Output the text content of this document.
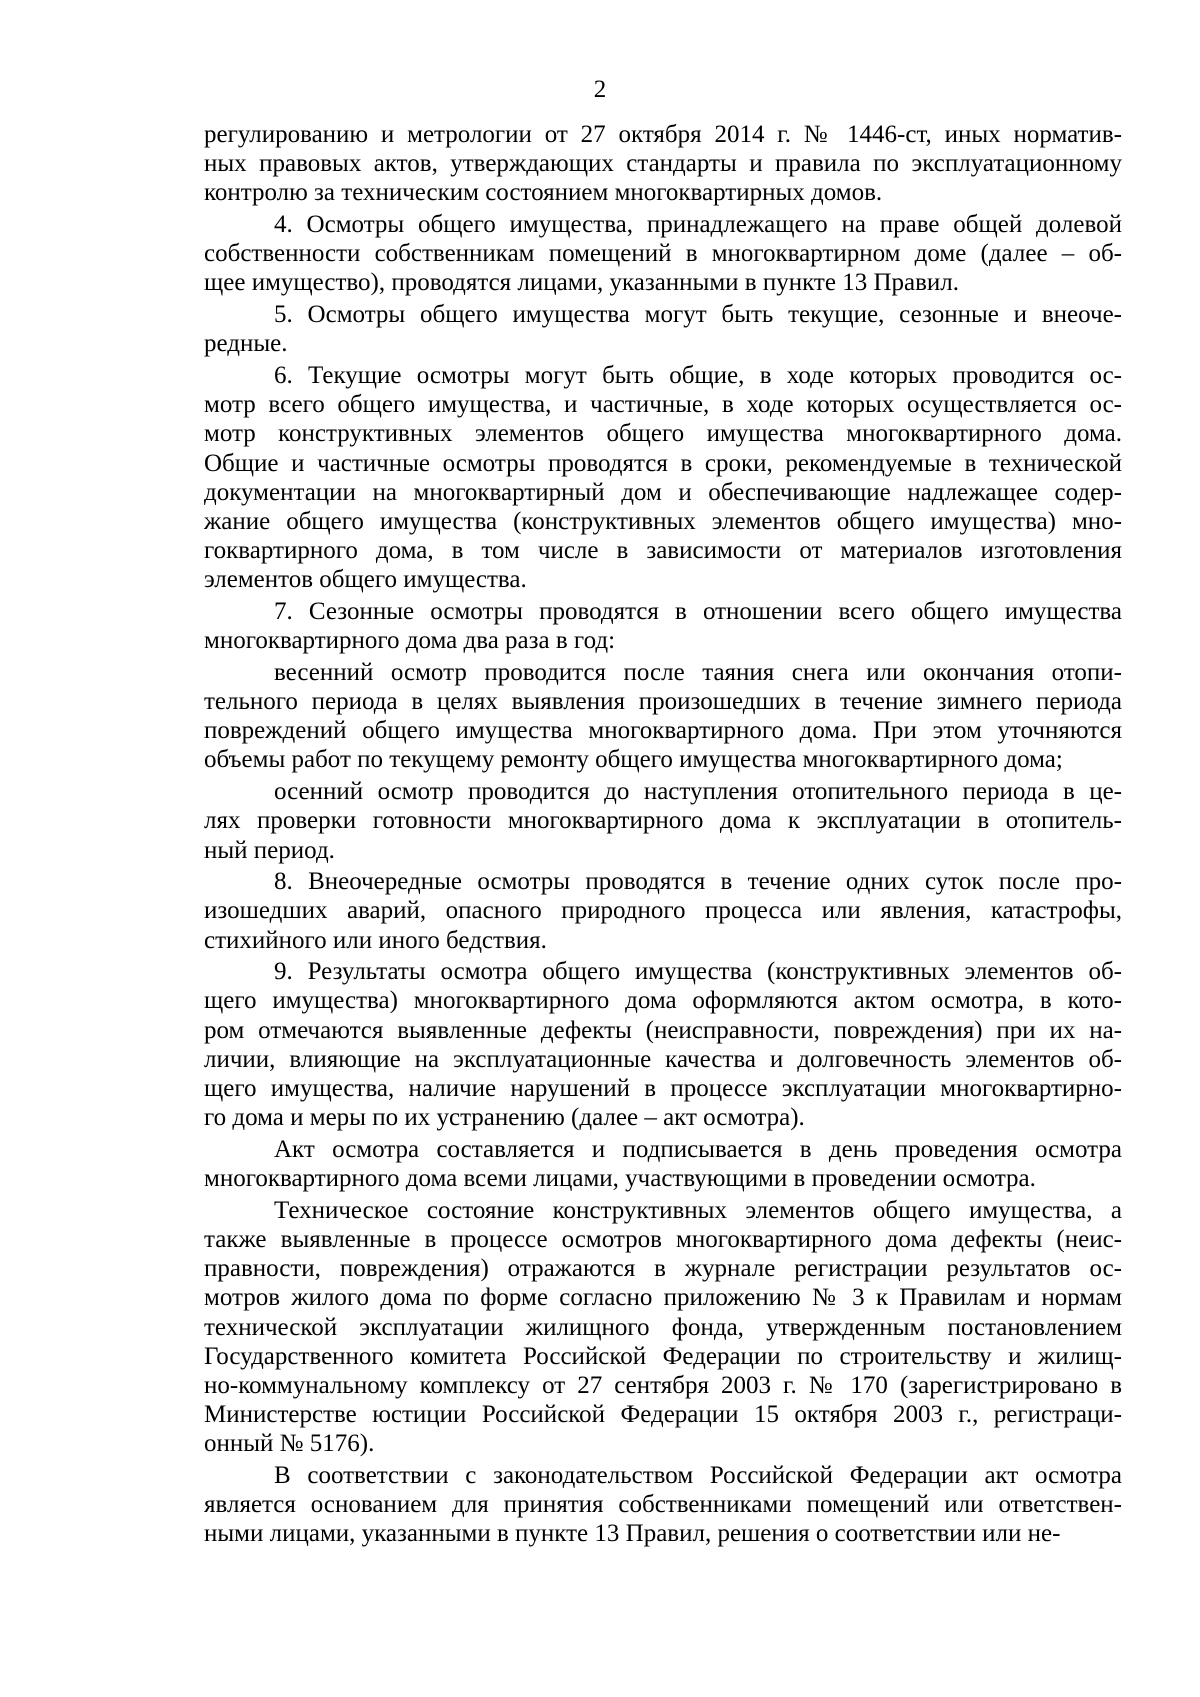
2
регулированию и метрологии от 27 октября 2014 г. № 1446-ст, иных норматив-
ных правовых актов, утверждающих стандарты и правила по эксплуатационному
контролю за техническим состоянием многоквартирных домов.
4. Осмотры общего имущества, принадлежащего на праве общей долевой
собственности собственникам помещений в многоквартирном доме (далее – об-
щее имущество), проводятся лицами, указанными в пункте 13 Правил.
5. Осмотры общего имущества могут быть текущие, сезонные и внеоче-
редные.
6. Текущие осмотры могут быть общие, в ходе которых проводится ос-
мотр всего общего имущества, и частичные, в ходе которых осуществляется ос-
мотр конструктивных элементов общего имущества многоквартирного дома.
Общие и частичные осмотры проводятся в сроки, рекомендуемые в технической
документации на многоквартирный дом и обеспечивающие надлежащее содер-
жание общего имущества (конструктивных элементов общего имущества) мно-
гоквартирного дома, в том числе в зависимости от материалов изготовления
элементов общего имущества.
7. Сезонные осмотры проводятся в отношении всего общего имущества
многоквартирного дома два раза в год:
весенний осмотр проводится после таяния снега или окончания отопи-
тельного периода в целях выявления произошедших в течение зимнего периода
повреждений общего имущества многоквартирного дома. При этом уточняются
объемы работ по текущему ремонту общего имущества многоквартирного дома;
осенний осмотр проводится до наступления отопительного периода в це-
лях проверки готовности многоквартирного дома к эксплуатации в отопитель-
ный период.
8. Внеочередные осмотры проводятся в течение одних суток после про-
изошедших аварий, опасного природного процесса или явления, катастрофы,
стихийного или иного бедствия.
9. Результаты осмотра общего имущества (конструктивных элементов об-
щего имущества) многоквартирного дома оформляются актом осмотра, в кото-
ром отмечаются выявленные дефекты (неисправности, повреждения) при их на-
личии, влияющие на эксплуатационные качества и долговечность элементов об-
щего имущества, наличие нарушений в процессе эксплуатации многоквартирно-
го дома и меры по их устранению (далее – акт осмотра).
Акт осмотра составляется и подписывается в день проведения осмотра
многоквартирного дома всеми лицами, участвующими в проведении осмотра.
Техническое состояние конструктивных элементов общего имущества, а
также выявленные в процессе осмотров многоквартирного дома дефекты (неис-
правности, повреждения) отражаются в журнале регистрации результатов ос-
мотров жилого дома по форме согласно приложению № 3 к Правилам и нормам
технической эксплуатации жилищного фонда, утвержденным постановлением
Государственного комитета Российской Федерации по строительству и жилищ-
но-коммунальному комплексу от 27 сентября 2003 г. № 170 (зарегистрировано в
Министерстве юстиции Российской Федерации 15 октября 2003 г., регистраци-
онный № 5176).
В соответствии с законодательством Российской Федерации акт осмотра
является основанием для принятия собственниками помещений или ответствен-
ными лицами, указанными в пункте 13 Правил, решения о соответствии или не-
